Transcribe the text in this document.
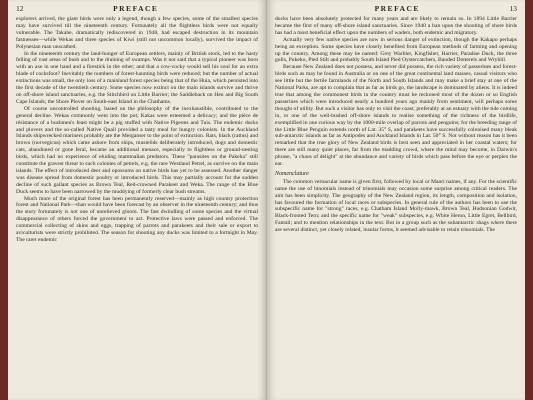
12	PREFACE

explorers arrived, the giant birds were only a legend, though a few species, some of the smallest species may have survived till the nineteenth century. Fortunately all the flightless birds were not equally vulnerable. The Takahe, dramatically rediscovered in 1948, had escaped destruction in its mountain fastnesses—while Wekas and three species of Kiwi (still not uncommon locally), survived the impact of Polynesian man unscathed.

In the nineteenth century the land-hunger of European settlers, mainly of British stock, led to the hasty felling of vast areas of bush and to the draining of swamps. Was it not said that a typical pioneer was born with an axe in one hand and a firestick in the other; and that a cow-cocky would sell his soul for an extra blade of cocksfoot? Inevitably the numbers of forest-haunting birds were reduced; but the number of actual extinctions was small, the only loss of a mainland forest species being that of the Huia, which persisted into the first decade of the twentieth century. Some species now extinct on the main islands survive and thrive on off-shore island sanctuaries, e.g. the Stitchbird on Little Barrier; the Saddleback on Hen and Big South Cape Islands; the Shore Plover on South-east Island in the Chathams.

Of course uncontrolled shooting, based on the philosophy of the inexhaustible, contributed to the general decline. Wekas commonly went into the pot; Kakas were esteemed a delicacy; and the pièce de résistance of a bushmen's feast might be a pig stuffed with Native Pigeons and Tuis. The endemic ducks and plovers and the so-called Native Quail provided a tasty meal for hungry colonists. In the Auckland Islands shipwrecked mariners probably ate the Merganser to the point of extinction. Rats, black (rattus) and brown (norvegicus) which came ashore from ships, mustelids deliberately introduced, dogs and domestic cats, abandoned or gone feral, became an additional menace, especially to flightless or ground-nesting birds, which had no experience of eluding mammalian predators. These "parasites on the Pakeha" still constitute the gravest threat to such colonies of petrels, e.g. the rare Westland Petrel, as survive on the main islands. The effect of introduced deer and opossums on native birds has yet to be assessed. Another danger was disease spread from domestic poultry or introduced birds. This may partially account for the sudden decline of such gallant species as Brown Teal, Red-crowned Parakeet and Weka. The range of the Blue Duck seems to have been narrowed by the muddying of formerly clear bush streams.

Much more of the original forest has been permanently reserved—mainly as high country protection forest and National Park—than would have been forecast by an observer in the nineteenth century; and thus the story fortunately is not one of unrelieved gloom. The fast dwindling of some species and the virtual disappearance of others forced the government to act. Protective laws were passed and enforced. The commercial collecting of skins and eggs, trapping of parrots and parakeets and their sale or export to aviculturists were strictly prohibited. The season for shooting any ducks was limited to a fortnight in May. The rarer endemic

PREFACE	13

ducks have been absolutely protected for many years and are likely to remain so. In 1894 Little Barrier became the first of many off-shore island sanctuaries. Since 1940 a ban upon the shooting of shore birds has had a most beneficial effect upon the numbers of waders, both endemic and migratory.

Actually very few native species are now in serious danger of extinction, though the Kakapo perhaps being an exception. Some species have closely benefited from European methods of farming and opening up the country. Among these may be named: Grey Warbler, Kingfisher, Harrier, Paradise Duck, the three gulls, Pukeko, Pied Stilt and probably South Island Pied Oystercatchers, Banded Dotterels and Wrybill.

Because New Zealand does not possess, and never did possess, the rich variety of passerines and forest-birds such as may be found in Australia or on one of the great continental land masses, casual visitors who see little but the fertile farmlands of the North and South Islands and may make a brief stay at one of the National Parks, are apt to complain that as far as birds go, the landscape is dominated by aliens. It is indeed true that among the commonest birds in the country must be reckoned most of the dozen or so English passerines which were introduced nearly a hundred years ago mainly from sentiment, will perhaps some thought of utility. But such a visitor has only to visit the coast, preferably at an estuary with the tide coming in, or one of the well-bushed off-shore islands to realise something of the richness of the birdlife, exemplified in one curious way by the 1000-mile overlap of parrots and penguins; for the breeding range of the Little Blue Penguin extends north of Lat. 35° S, and parakeets have successfully colonised many bleak sub-antarctic islands as far as Antipodes and Auckland Islands in Lat. 50° S. Not without reason has it been remarked that the true glory of New Zealand birds is best seen and appreciated in her coastal waters; for there are still many quiet places, far from the madding crowd, where the mind may become, in Darwin's phrase, "a chaos of delight" at the abundance and variety of birds which pass before the eye or perplex the ear.

Nomenclature

The common vernacular name is given first, followed by local or Maori names, if any. For the scientific name the use of binomials instead of trinomials may occasion some surprise among critical readers. The aim has been simplicity. The geography of the New Zealand region, its length, composition and isolation, has favoured the formation of local races or subspecies. In general rule of the authors has been to use the subspecific name for "strong" races, e.g. Chatham Island Molly-mawk, Brown Teal, Hudsonian Godwit, Black-fronted Tern; and the specific name for "weak" subspecies, e.g. White Heron, Little Egret, Bellbird, Fantail; and to mention relationships in the text. But in a group such as the subantarctic shags where there are several distinct, yet closely related, insular forms, it seemed advisable to retain trinomials. The
